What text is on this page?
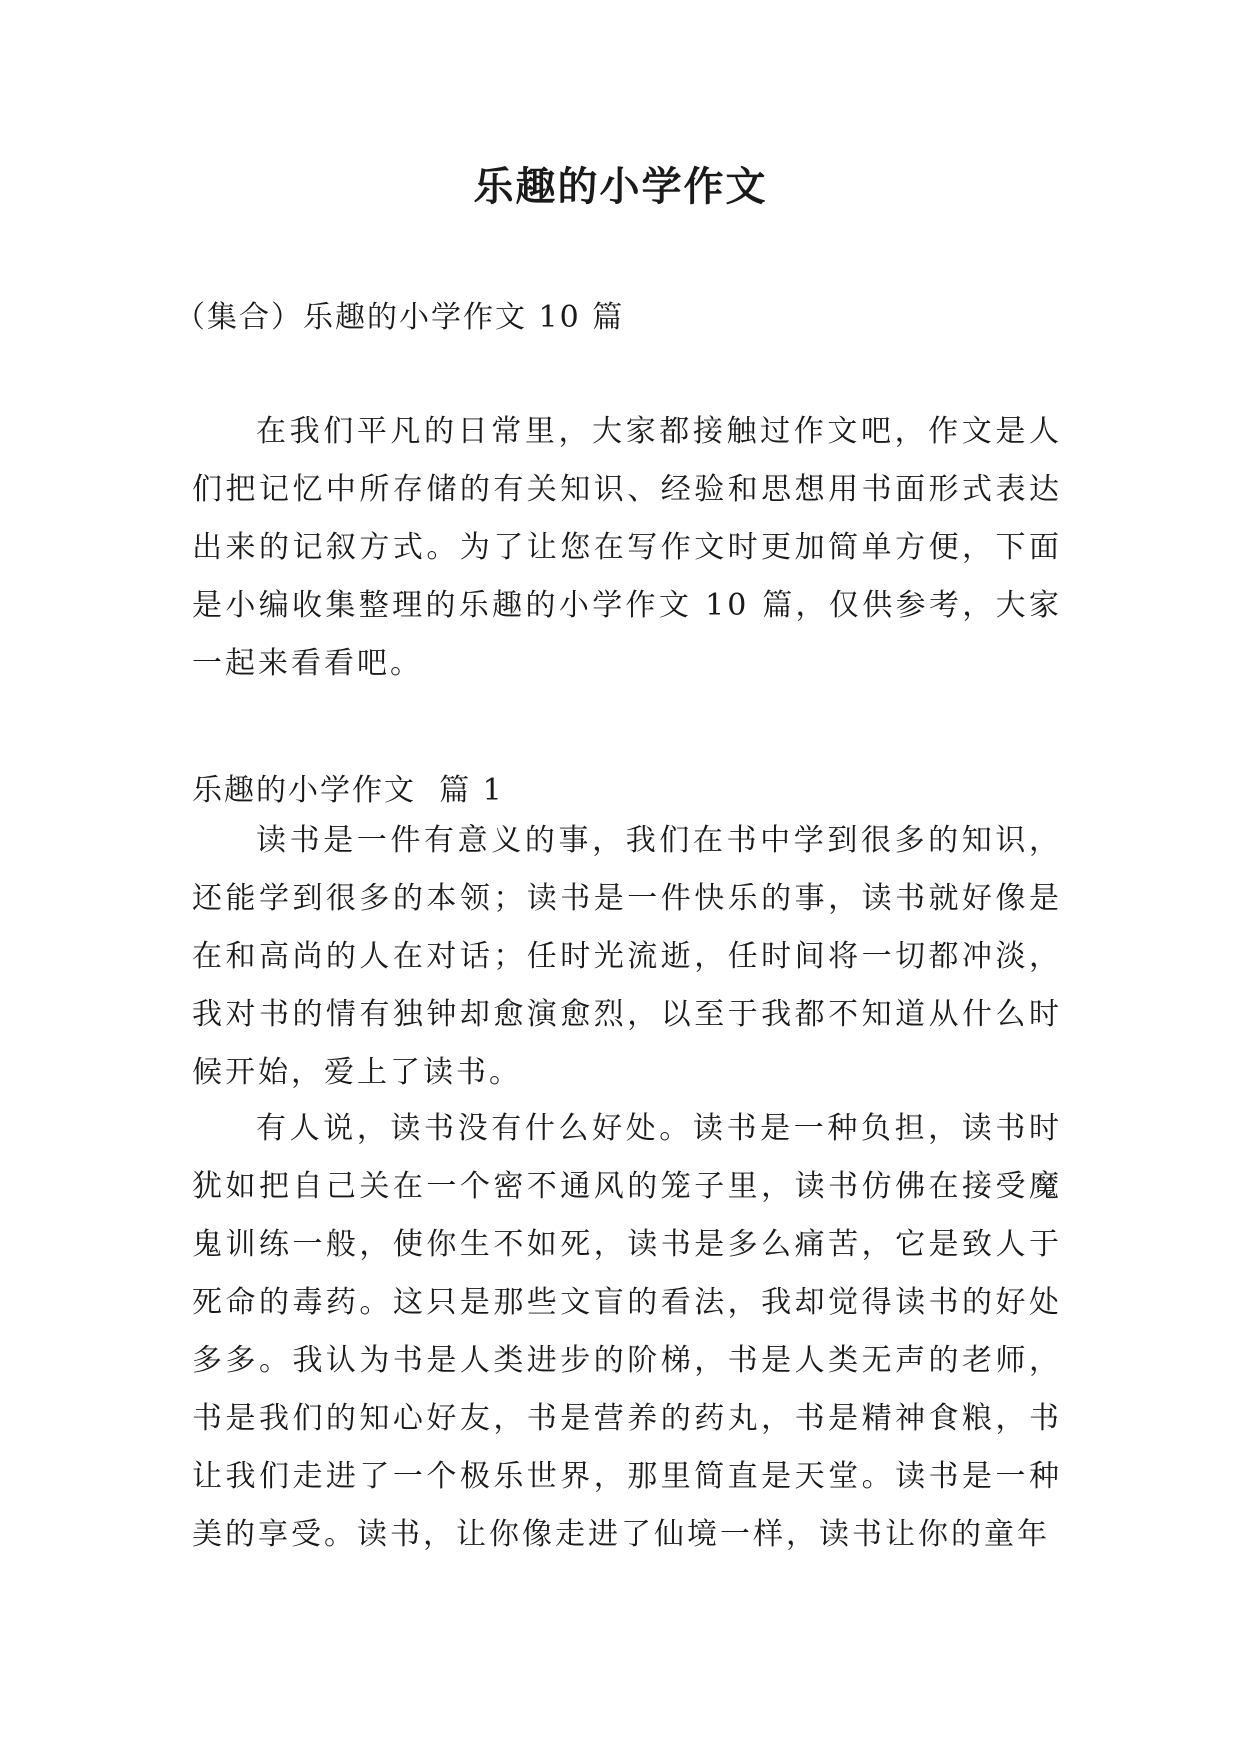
乐趣的小学作文

（集合）乐趣的小学作文 10 篇

在我们平凡的日常里，大家都接触过作文吧，作文是人们把记忆中所存储的有关知识、经验和思想用书面形式表达出来的记叙方式。为了让您在写作文时更加简单方便，下面是小编收集整理的乐趣的小学作文 10 篇，仅供参考，大家一起来看看吧。

乐趣的小学作文  篇 1

读书是一件有意义的事，我们在书中学到很多的知识，还能学到很多的本领；读书是一件快乐的事，读书就好像是在和高尚的人在对话；任时光流逝，任时间将一切都冲淡，我对书的情有独钟却愈演愈烈，以至于我都不知道从什么时候开始，爱上了读书。

有人说，读书没有什么好处。读书是一种负担，读书时犹如把自己关在一个密不通风的笼子里，读书仿佛在接受魔鬼训练一般，使你生不如死，读书是多么痛苦，它是致人于死命的毒药。这只是那些文盲的看法，我却觉得读书的好处多多。我认为书是人类进步的阶梯，书是人类无声的老师，书是我们的知心好友，书是营养的药丸，书是精神食粮，书让我们走进了一个极乐世界，那里简直是天堂。读书是一种美的享受。读书，让你像走进了仙境一样，读书让你的童年
